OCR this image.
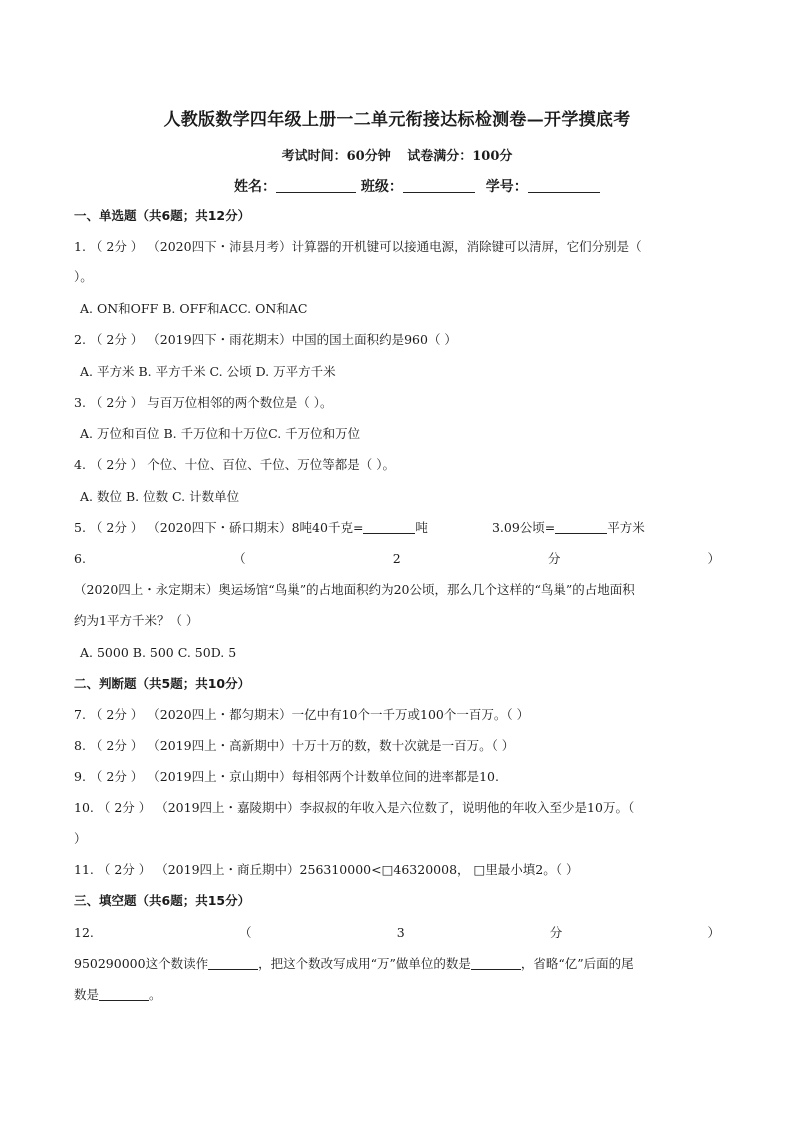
人教版数学四年级上册一二单元衔接达标检测卷—开学摸底考
考试时间：60分钟 试卷满分：100分
姓名：	班级：	学号：
一、单选题（共6题；共12分）
1. （ 2分 ） （2020四下・沛县月考）计算器的开机键可以接通电源，消除键可以清屏，它们分别是（
）。
A. ON和OFF B. OFF和ACC. ON和AC
2. （ 2分 ） （2019四下・雨花期末）中国的国土面积约是960（ ）
A. 平方米 B. 平方千米 C. 公顷 D. 万平方千米
3. （ 2分 ） 与百万位相邻的两个数位是（ ）。
A. 万位和百位 B. 千万位和十万位C. 千万位和万位
4. （ 2分 ） 个位、十位、百位、千位、万位等都是（ ）。
A. 数位 B. 位数 C. 计数单位
5. （ 2分 ） （2020四下・硚口期末）8吨40千克=	吨	3.09公顷=	平方米
6.	（	2	分	）
（2020四上・永定期末）奥运场馆“鸟巢”的占地面积约为20公顷，那么几个这样的“鸟巢”的占地面积
约为1平方千米？（ ）
A. 5000 B. 500 C. 50D. 5
二、判断题（共5题；共10分）
7. （ 2分 ） （2020四上・都匀期末）一亿中有10个一千万或100个一百万。（ ）
8. （ 2分 ） （2019四上・高新期中）十万十万的数，数十次就是一百万。（ ）
9. （ 2分 ） （2019四上・京山期中）每相邻两个计数单位间的进率都是10.
10. （ 2分 ） （2019四上・嘉陵期中）李叔叔的年收入是六位数了，说明他的年收入至少是10万。（
）
11. （ 2分 ） （2019四上・商丘期中）256310000<□46320008， □里最小填2。（ ）
三、填空题（共6题；共15分）
12.	（	3	分	）
950290000这个数读作	，把这个数改写成用“万”做单位的数是	，省略“亿”后面的尾
数是	。
